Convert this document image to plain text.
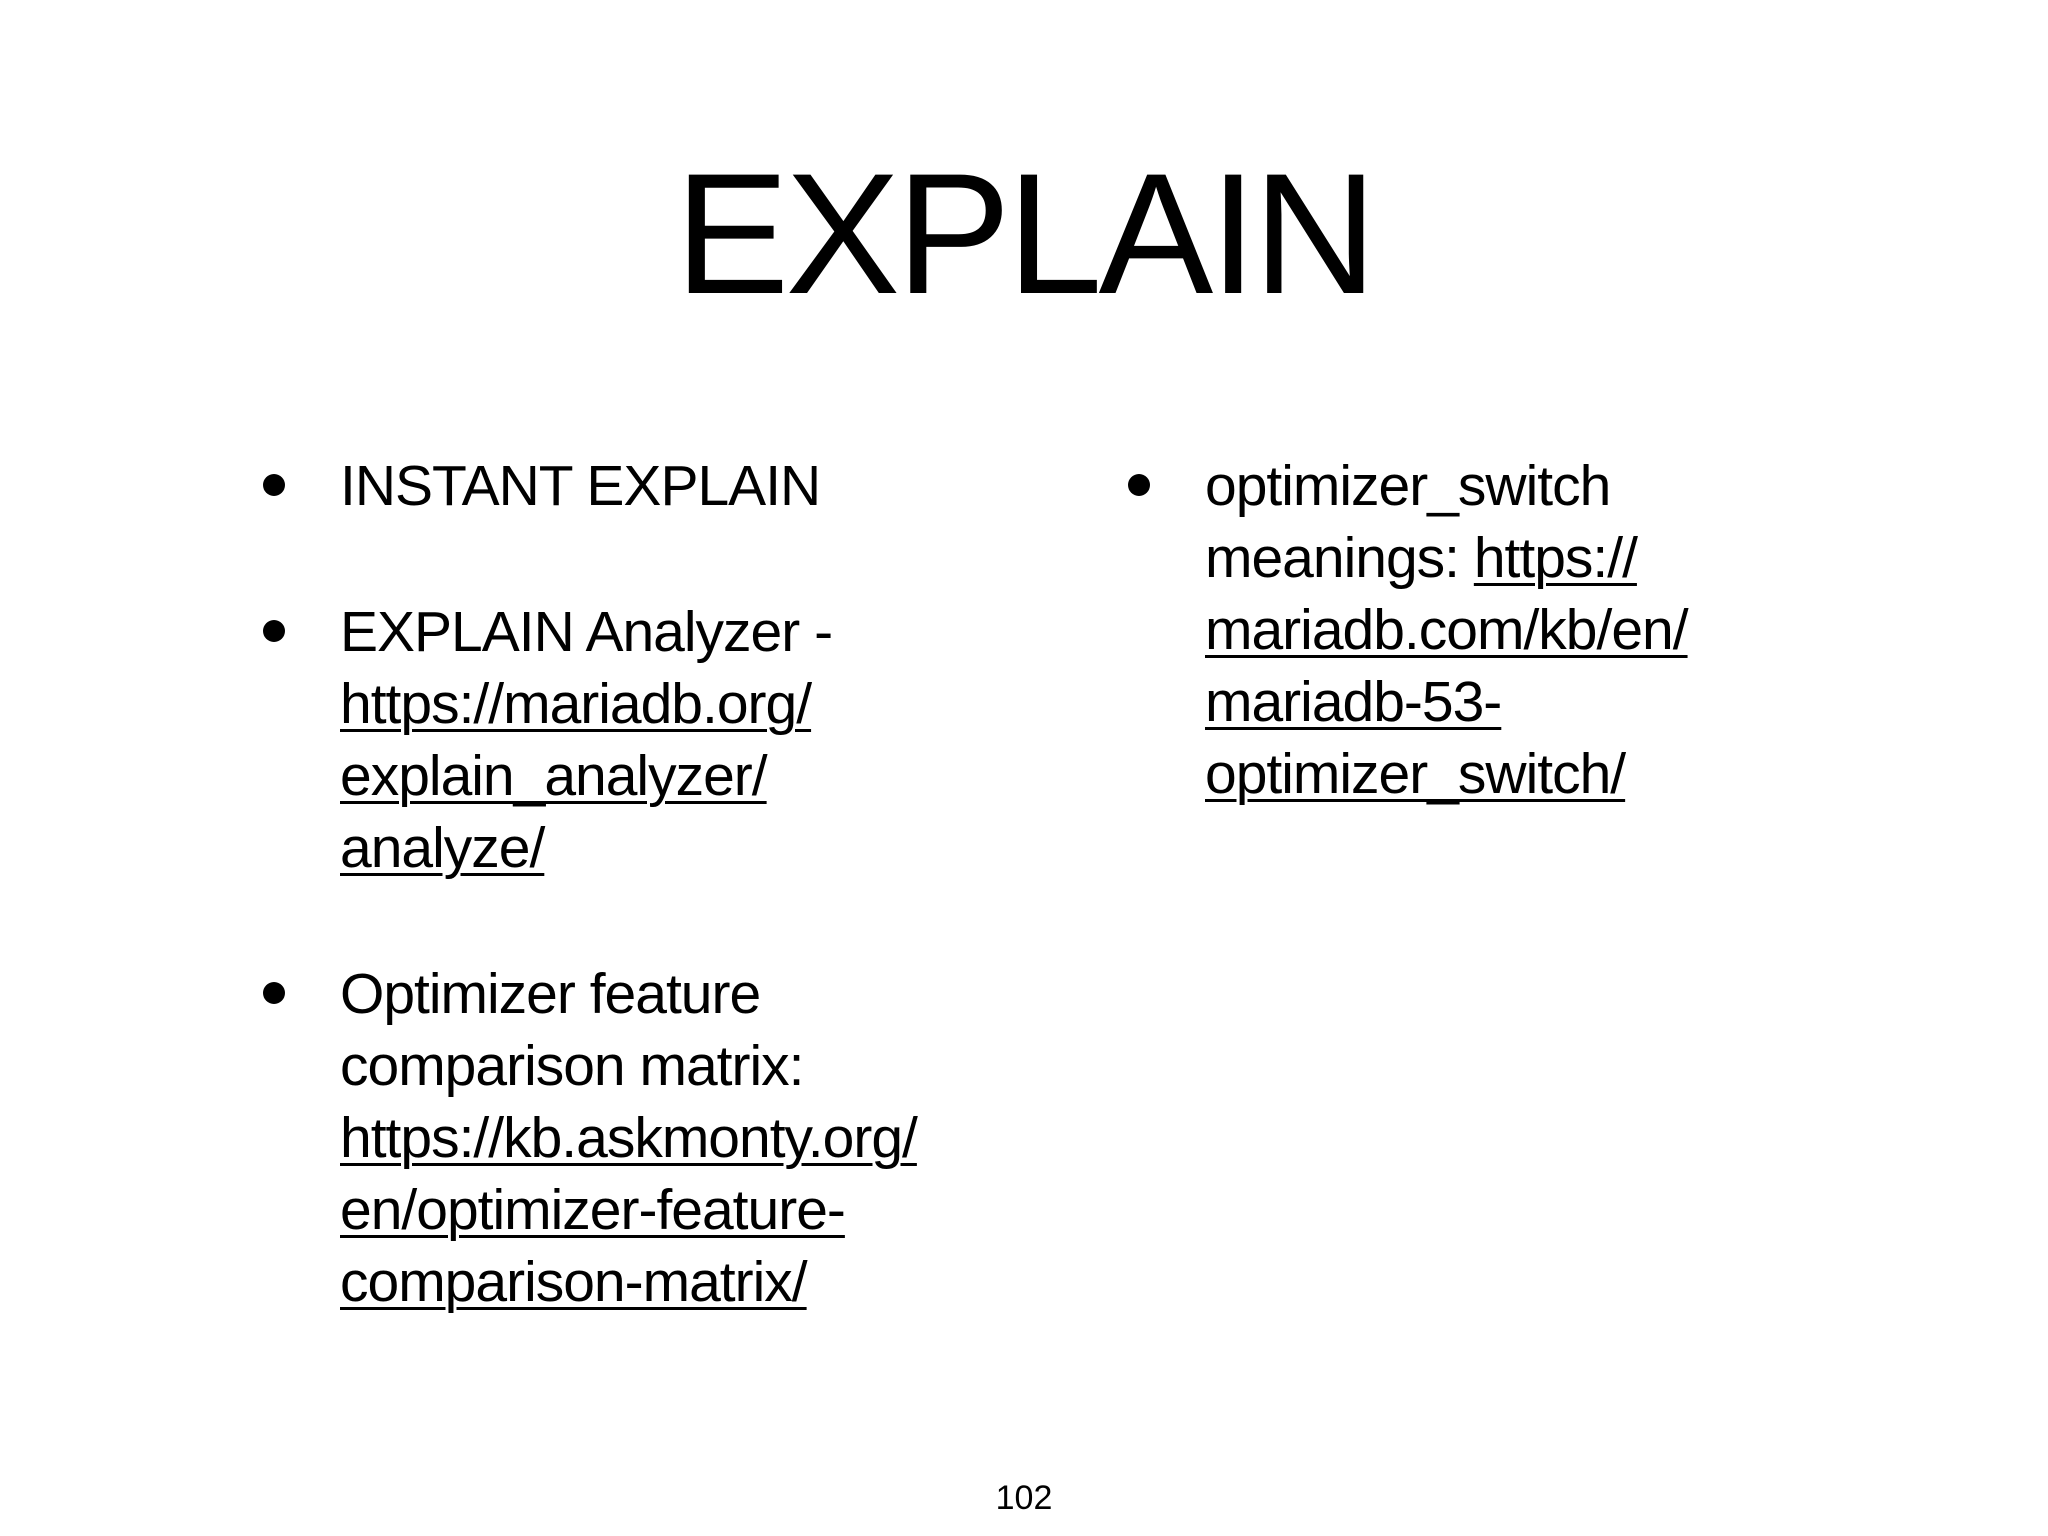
EXPLAIN
INSTANT EXPLAIN
EXPLAIN Analyzer -
https://mariadb.org/
explain_analyzer/
analyze/
Optimizer feature
comparison matrix:
https://kb.askmonty.org/
en/optimizer-feature-
comparison-matrix/
optimizer_switch
meanings: https://
mariadb.com/kb/en/
mariadb-53-
optimizer_switch/
102
